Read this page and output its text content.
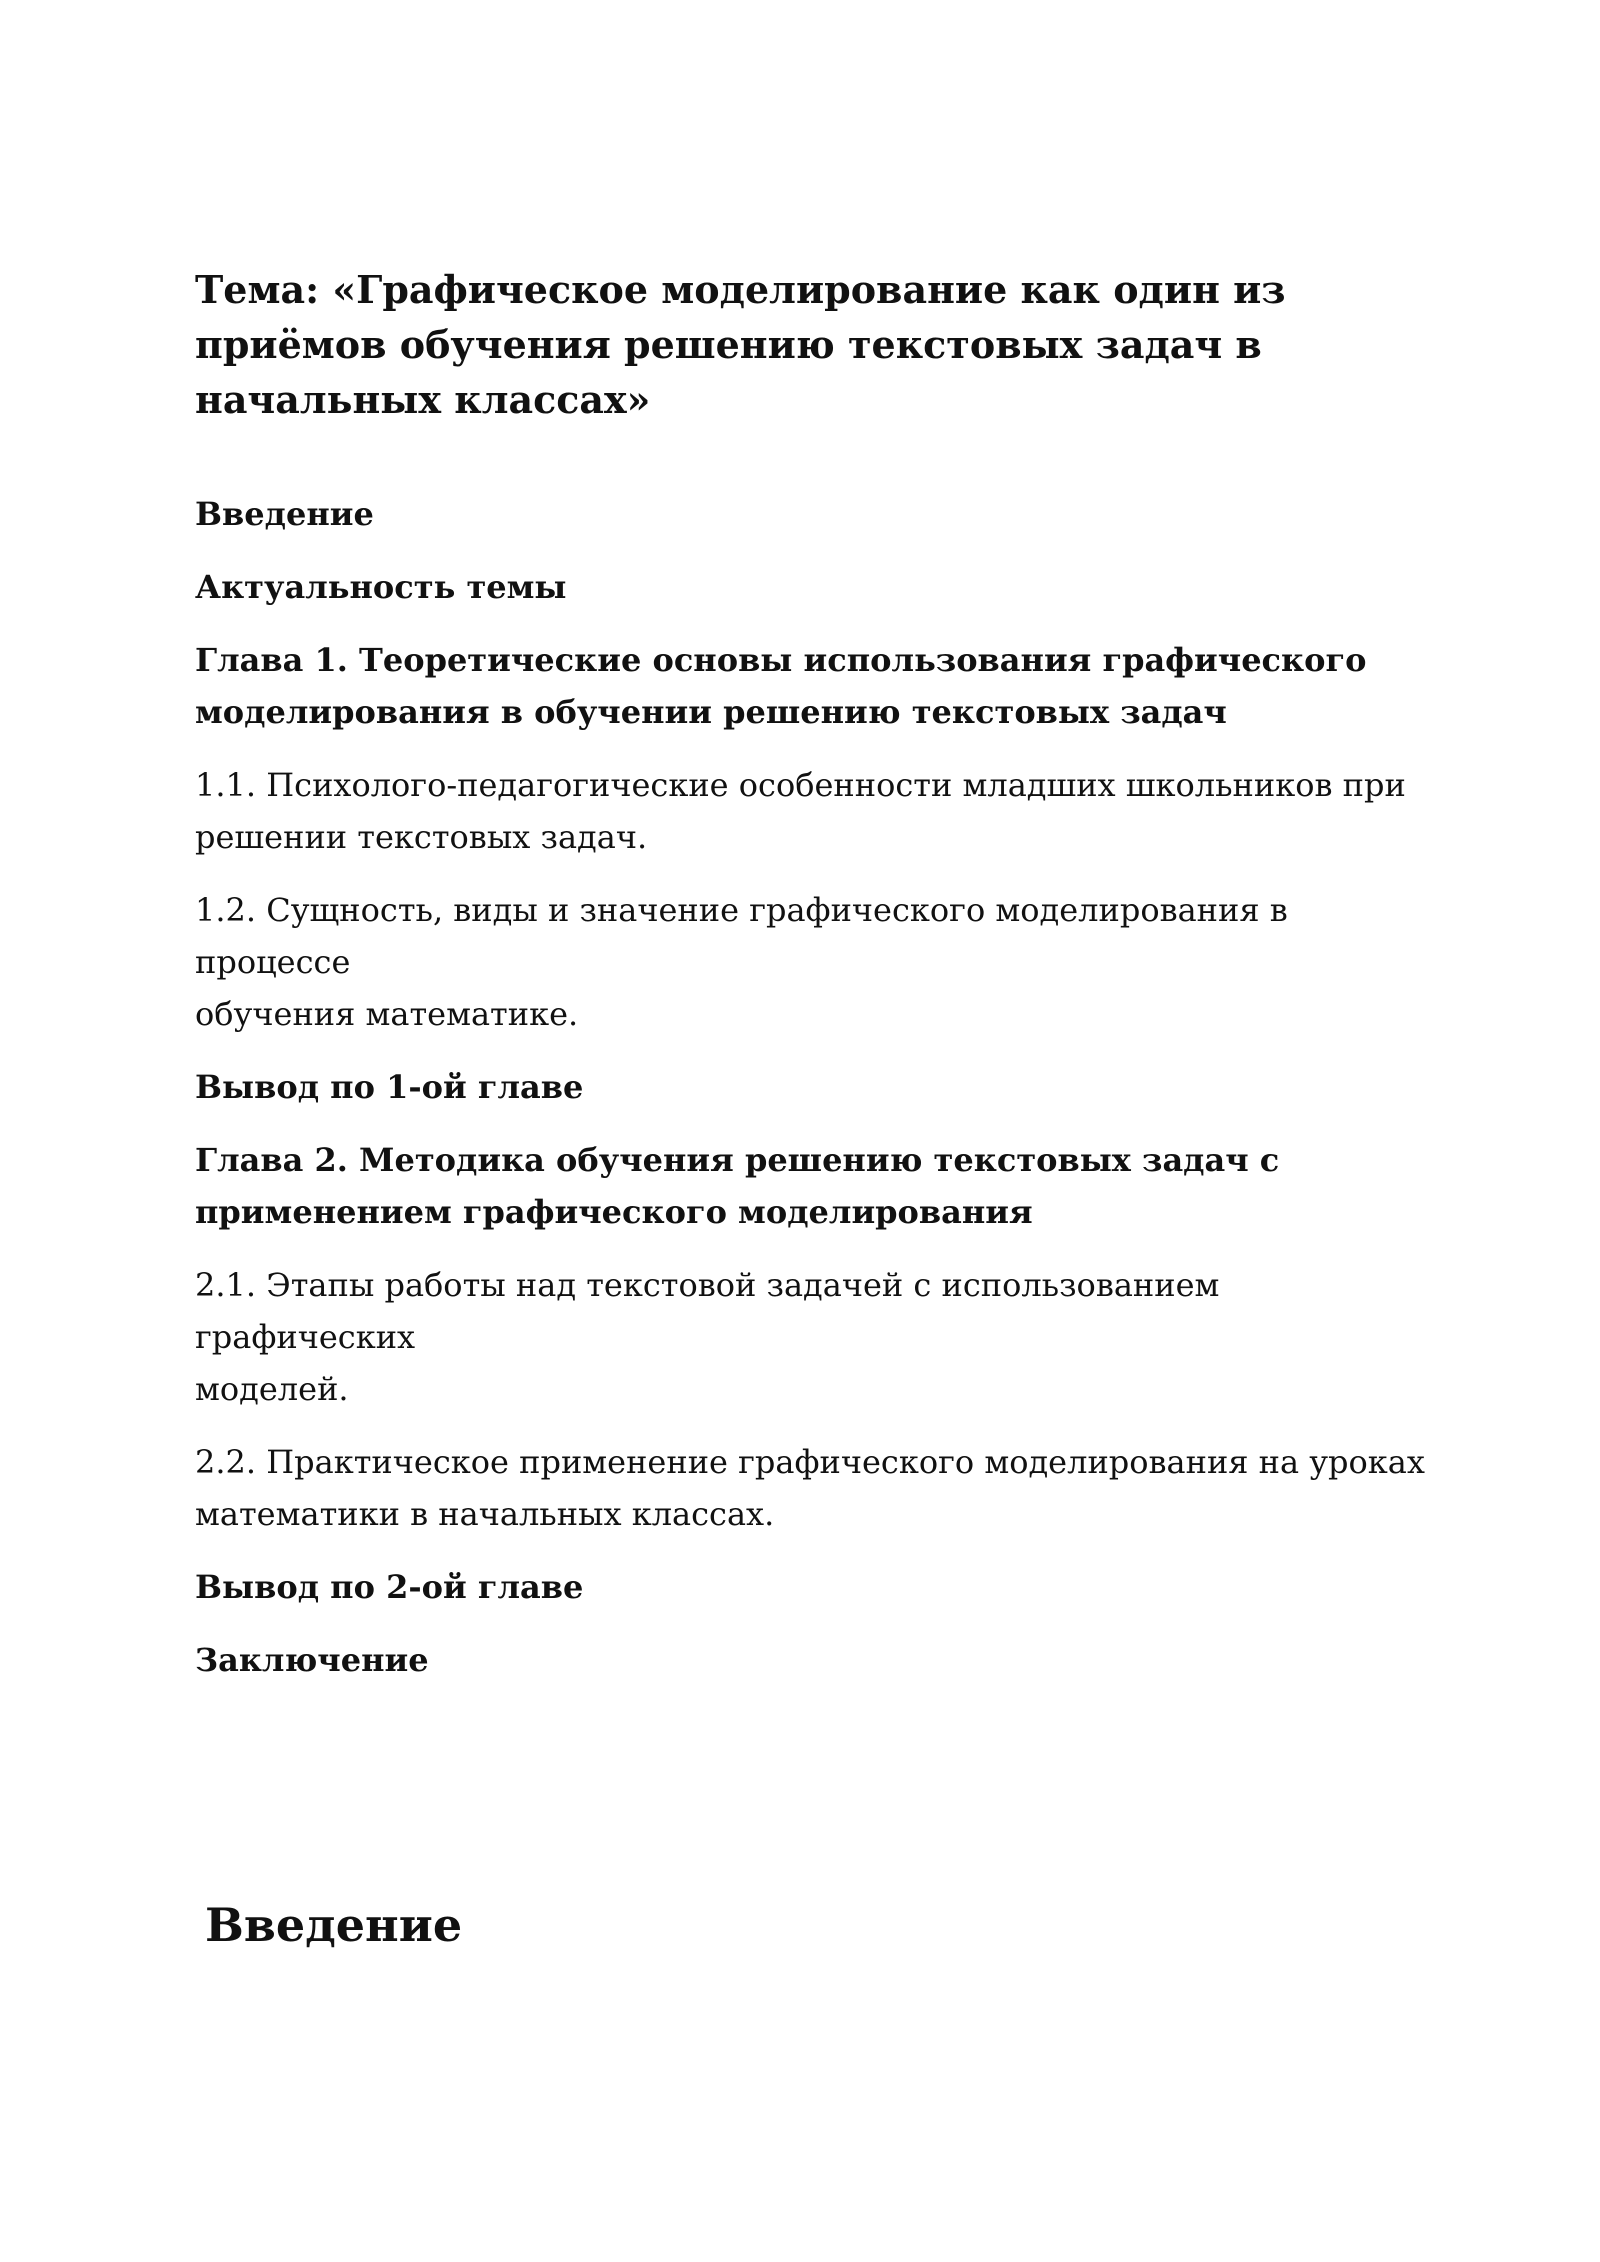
Тема: «Графическое моделирование как один из приёмов обучения решению текстовых задач в начальных классах»
Введение
Актуальность темы
Глава 1. Теоретические основы использования графического
моделирования в обучении решению текстовых задач
1.1. Психолого-педагогические особенности младших школьников при
решении текстовых задач.
1.2. Сущность, виды и значение графического моделирования в процессе
обучения математике.
Вывод по 1-ой главе
Глава 2. Методика обучения решению текстовых задач с
применением графического моделирования
2.1. Этапы работы над текстовой задачей с использованием графических
моделей.
2.2. Практическое применение графического моделирования на уроках
математики в начальных классах.
Вывод по 2-ой главе
Заключение
Введение
